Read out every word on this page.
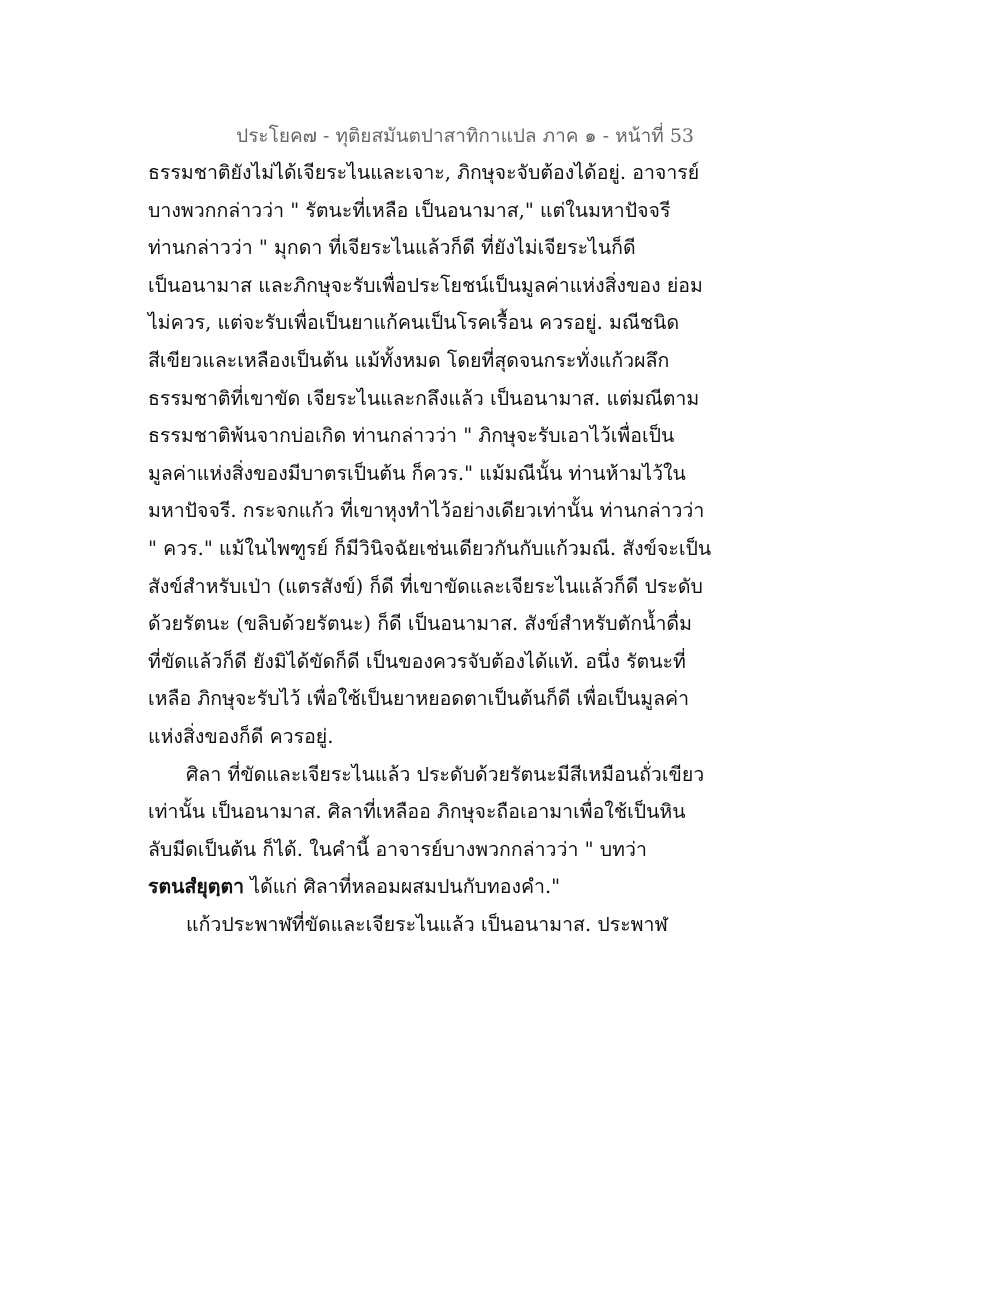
ประโยค๗ - ทุติยสมันตปาสาทิกาแปล ภาค ๑ - หน้าที่ 53
ธรรมชาติยังไม่ได้เจียระไนและเจาะ, ภิกษุจะจับต้องได้อยู่. อาจารย์
บางพวกกล่าวว่า " รัตนะที่เหลือ เป็นอนามาส," แต่ในมหาปัจจรี
ท่านกล่าวว่า " มุกดา ที่เจียระไนแล้วก็ดี ที่ยังไม่เจียระไนก็ดี
เป็นอนามาส และภิกษุจะรับเพื่อประโยชน์เป็นมูลค่าแห่งสิ่งของ ย่อม
ไม่ควร, แต่จะรับเพื่อเป็นยาแก้คนเป็นโรคเรื้อน ควรอยู่. มณีชนิด
สีเขียวและเหลืองเป็นต้น แม้ทั้งหมด โดยที่สุดจนกระทั่งแก้วผลึก
ธรรมชาติที่เขาขัด เจียระไนและกลึงแล้ว เป็นอนามาส. แต่มณีตาม
ธรรมชาติพ้นจากบ่อเกิด ท่านกล่าวว่า " ภิกษุจะรับเอาไว้เพื่อเป็น
มูลค่าแห่งสิ่งของมีบาตรเป็นต้น ก็ควร." แม้มณีนั้น ท่านห้ามไว้ใน
มหาปัจจรี. กระจกแก้ว ที่เขาหุงทำไว้อย่างเดียวเท่านั้น ท่านกล่าวว่า
" ควร." แม้ในไพฑูรย์ ก็มีวินิจฉัยเช่นเดียวกันกับแก้วมณี. สังข์จะเป็น
สังข์สำหรับเป่า (แตรสังข์) ก็ดี ที่เขาขัดและเจียระไนแล้วก็ดี ประดับ
ด้วยรัตนะ (ขลิบด้วยรัตนะ) ก็ดี เป็นอนามาส. สังข์สำหรับตักน้ำดื่ม
ที่ขัดแล้วก็ดี ยังมิได้ขัดก็ดี เป็นของควรจับต้องได้แท้. อนึ่ง รัตนะที่
เหลือ ภิกษุจะรับไว้ เพื่อใช้เป็นยาหยอดตาเป็นต้นก็ดี เพื่อเป็นมูลค่า
แห่งสิ่งของก็ดี ควรอยู่.
ศิลา ที่ขัดและเจียระไนแล้ว ประดับด้วยรัตนะมีสีเหมือนถั่วเขียว
เท่านั้น เป็นอนามาส. ศิลาที่เหลืออ ภิกษุจะถือเอามาเพื่อใช้เป็นหิน
ลับมีดเป็นต้น ก็ได้. ในคำนี้ อาจารย์บางพวกกล่าวว่า " บทว่า
รตนสํยุตฺตา ได้แก่ ศิลาที่หลอมผสมปนกับทองคำ."
แก้วประพาฬที่ขัดและเจียระไนแล้ว เป็นอนามาส. ประพาฬ
